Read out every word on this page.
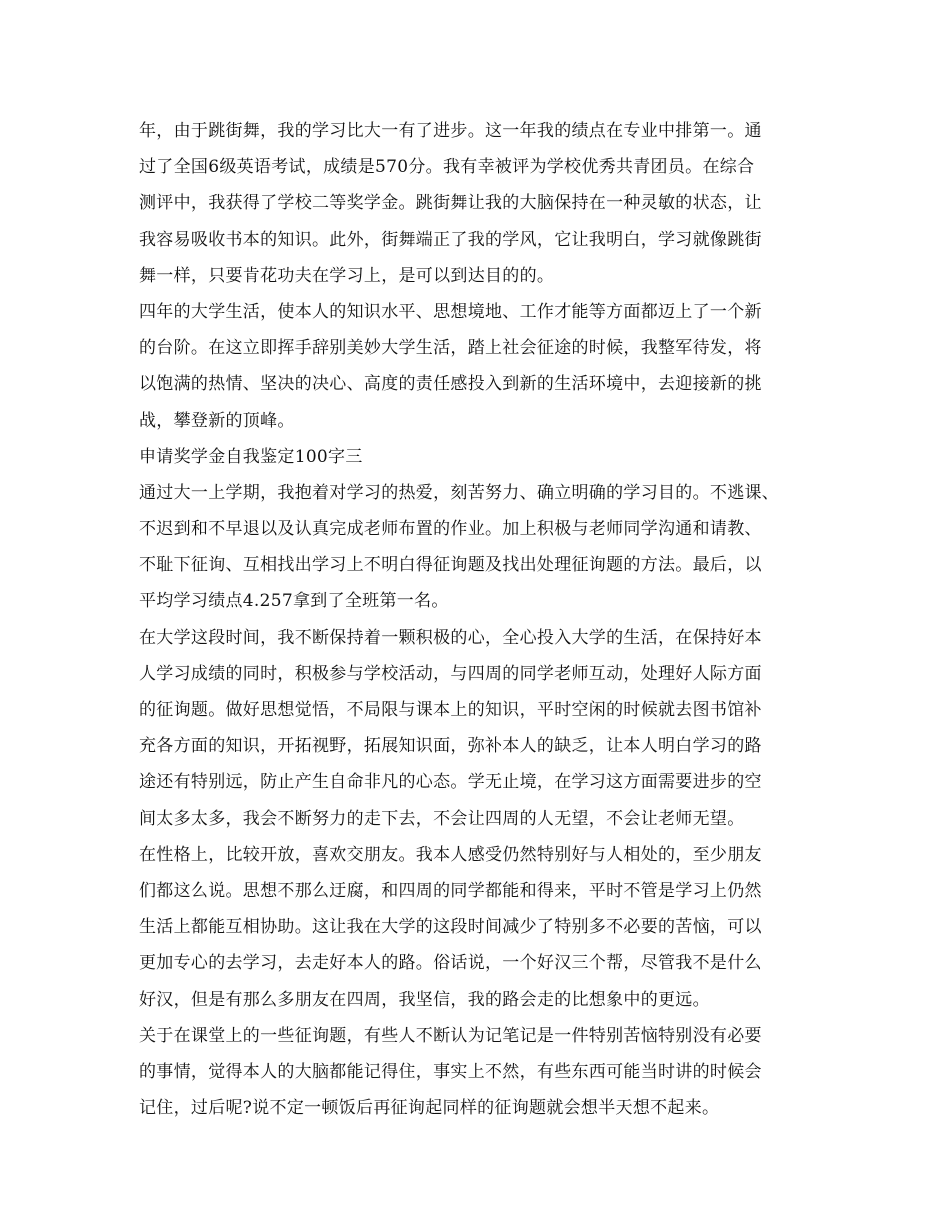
年，由于跳街舞，我的学习比大一有了进步。这一年我的绩点在专业中排第一。通
过了全国6级英语考试，成绩是570分。我有幸被评为学校优秀共青团员。在综合
测评中，我获得了学校二等奖学金。跳街舞让我的大脑保持在一种灵敏的状态，让
我容易吸收书本的知识。此外，街舞端正了我的学风，它让我明白，学习就像跳街
舞一样，只要肯花功夫在学习上，是可以到达目的的。
四年的大学生活，使本人的知识水平、思想境地、工作才能等方面都迈上了一个新
的台阶。在这立即挥手辞别美妙大学生活，踏上社会征途的时候，我整军待发，将
以饱满的热情、坚决的决心、高度的责任感投入到新的生活环境中，去迎接新的挑
战，攀登新的顶峰。
申请奖学金自我鉴定100字三
通过大一上学期，我抱着对学习的热爱，刻苦努力、确立明确的学习目的。不逃课、
不迟到和不早退以及认真完成老师布置的作业。加上积极与老师同学沟通和请教、
不耻下征询、互相找出学习上不明白得征询题及找出处理征询题的方法。最后，以
平均学习绩点4.257拿到了全班第一名。
在大学这段时间，我不断保持着一颗积极的心，全心投入大学的生活，在保持好本
人学习成绩的同时，积极参与学校活动，与四周的同学老师互动，处理好人际方面
的征询题。做好思想觉悟，不局限与课本上的知识，平时空闲的时候就去图书馆补
充各方面的知识，开拓视野，拓展知识面，弥补本人的缺乏，让本人明白学习的路
途还有特别远，防止产生自命非凡的心态。学无止境，在学习这方面需要进步的空
间太多太多，我会不断努力的走下去，不会让四周的人无望，不会让老师无望。
在性格上，比较开放，喜欢交朋友。我本人感受仍然特别好与人相处的，至少朋友
们都这么说。思想不那么迂腐，和四周的同学都能和得来，平时不管是学习上仍然
生活上都能互相协助。这让我在大学的这段时间减少了特别多不必要的苦恼，可以
更加专心的去学习，去走好本人的路。俗话说，一个好汉三个帮，尽管我不是什么
好汉，但是有那么多朋友在四周，我坚信，我的路会走的比想象中的更远。
关于在课堂上的一些征询题，有些人不断认为记笔记是一件特别苦恼特别没有必要
的事情，觉得本人的大脑都能记得住，事实上不然，有些东西可能当时讲的时候会
记住，过后呢?说不定一顿饭后再征询起同样的征询题就会想半天想不起来。
